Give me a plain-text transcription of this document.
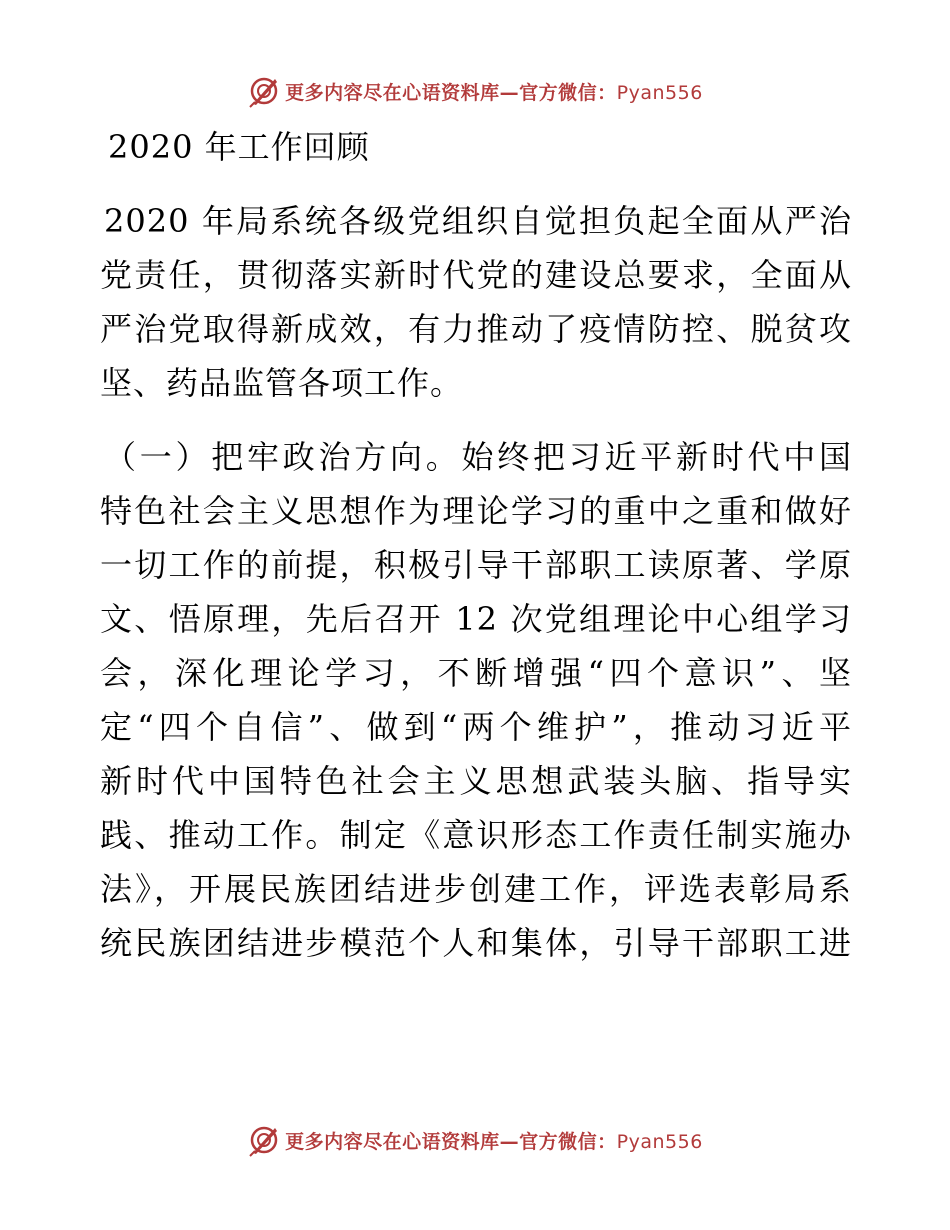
更多内容尽在心语资料库—官方微信：Pyan556
2020 年工作回顾
2020 年局系统各级党组织自觉担负起全面从严治
党责任，贯彻落实新时代党的建设总要求，全面从
严治党取得新成效，有力推动了疫情防控、脱贫攻
坚、药品监管各项工作。
（一）把牢政治方向。始终把习近平新时代中国
特色社会主义思想作为理论学习的重中之重和做好
一切工作的前提，积极引导干部职工读原著、学原
文、悟原理，先后召开 12 次党组理论中心组学习
会，深化理论学习，不断增强“四个意识”、坚
定“四个自信”、做到“两个维护”，推动习近平
新时代中国特色社会主义思想武装头脑、指导实
践、推动工作。制定《意识形态工作责任制实施办
法》，开展民族团结进步创建工作，评选表彰局系
统民族团结进步模范个人和集体，引导干部职工进
更多内容尽在心语资料库—官方微信：Pyan556
